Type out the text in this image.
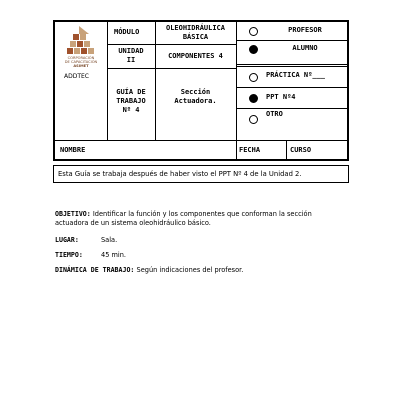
CORPORACIÓN
DE CAPACITACIÓN
ASIMET
ADDTEC
MÓDULO	OLEOHIDRÁULICA BÁSICA
UNIDAD II	COMPONENTES 4
GUÍA DE TRABAJO Nº 4
Sección Actuadora.
PROFESOR
ALUMNO
PRÁCTICA Nº___
PPT Nº4
OTRO
NOMBRE	FECHA	CURSO
Esta Guía se trabaja después de haber visto el PPT Nº 4 de la Unidad 2.
OBJETIVO: Identificar la función y los componentes que conforman la sección actuadora de un sistema oleohidráulico básico.
LUGAR:	Sala.
TIEMPO:	45 min.
DINÁMICA DE TRABAJO: Según indicaciones del profesor.
